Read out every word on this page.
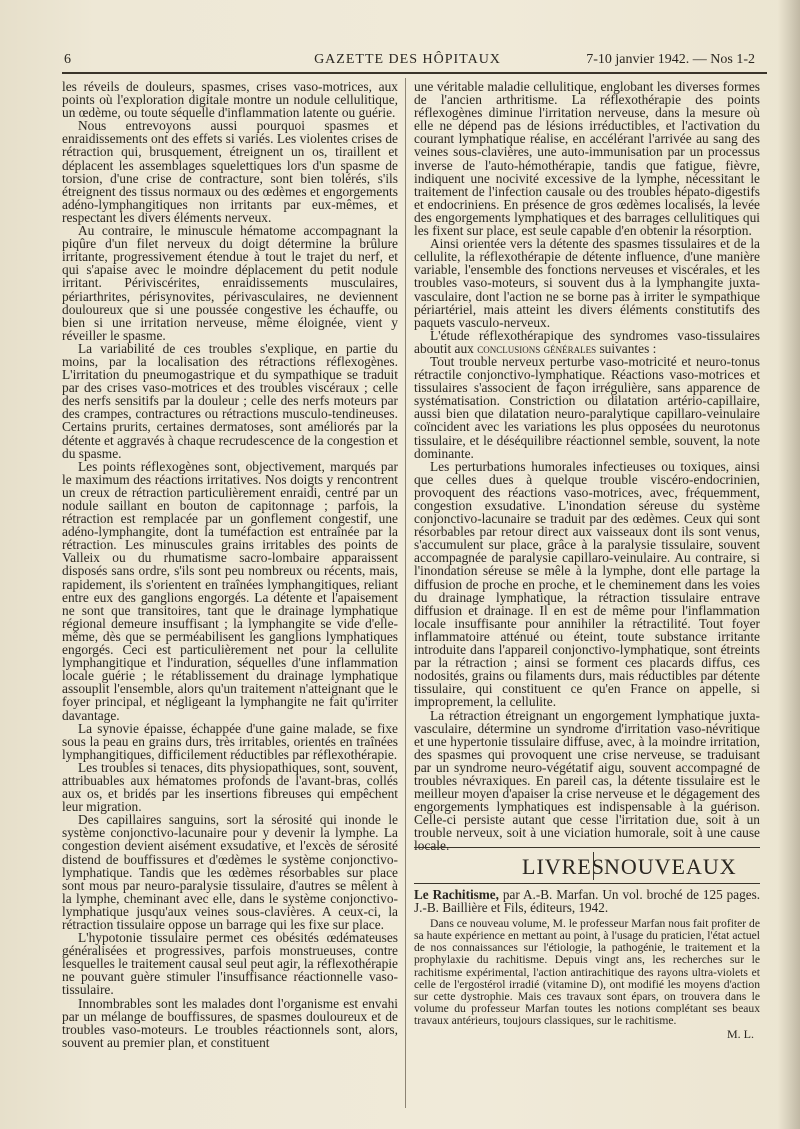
6	GAZETTE DES HÔPITAUX	7-10 janvier 1942. — Nos 1-2

les réveils de douleurs, spasmes, crises vaso-motrices, aux points où l'exploration digitale montre un nodule cellulitique, un œdème, ou toute séquelle d'inflammation latente ou guérie.

Nous entrevoyons aussi pourquoi spasmes et enraidissements ont des effets si variés. Les violentes crises de rétraction qui, brusquement, étreignent un os, tiraillent et déplacent les assemblages squelettiques lors d'un spasme de torsion, d'une crise de contracture, sont bien tolérés, s'ils étreignent des tissus normaux ou des œdèmes et engorgements adéno-lymphangitiques non irritants par eux-mêmes, et respectant les divers éléments nerveux.

Au contraire, le minuscule hématome accompagnant la piqûre d'un filet nerveux du doigt détermine la brûlure irritante, progressivement étendue à tout le trajet du nerf, et qui s'apaise avec le moindre déplacement du petit nodule irritant. Périviscérites, enraidissements musculaires, périarthrites, périsynovites, périvasculaires, ne deviennent douloureux que si une poussée congestive les échauffe, ou bien si une irritation nerveuse, même éloignée, vient y réveiller le spasme.

La variabilité de ces troubles s'explique, en partie du moins, par la localisation des rétractions réflexogènes. L'irritation du pneumogastrique et du sympathique se traduit par des crises vaso-motrices et des troubles viscéraux ; celle des nerfs sensitifs par la douleur ; celle des nerfs moteurs par des crampes, contractures ou rétractions musculo-tendineuses. Certains prurits, certaines dermatoses, sont améliorés par la détente et aggravés à chaque recrudescence de la congestion et du spasme.

Les points réflexogènes sont, objectivement, marqués par le maximum des réactions irritatives. Nos doigts y rencontrent un creux de rétraction particulièrement enraidi, centré par un nodule saillant en bouton de capitonnage ; parfois, la rétraction est remplacée par un gonflement congestif, une adéno-lymphangite, dont la tuméfaction est entraînée par la rétraction. Les minuscules grains irritables des points de Valleix ou du rhumatisme sacro-lombaire apparaissent disposés sans ordre, s'ils sont peu nombreux ou récents, mais, rapidement, ils s'orientent en traînées lymphangitiques, reliant entre eux des ganglions engorgés. La détente et l'apaisement ne sont que transitoires, tant que le drainage lymphatique régional demeure insuffisant ; la lymphangite se vide d'elle-même, dès que se perméabilisent les ganglions lymphatiques engorgés. Ceci est particulièrement net pour la cellulite lymphangitique et l'induration, séquelles d'une inflammation locale guérie ; le rétablissement du drainage lymphatique assouplit l'ensemble, alors qu'un traitement n'atteignant que le foyer principal, et négligeant la lymphangite ne fait qu'irriter davantage.

La synovie épaisse, échappée d'une gaine malade, se fixe sous la peau en grains durs, très irritables, orientés en traînées lymphangitiques, difficilement réductibles par réflexothérapie.

Les troubles si tenaces, dits physiopathiques, sont, souvent, attribuables aux hématomes profonds de l'avant-bras, collés aux os, et bridés par les insertions fibreuses qui empêchent leur migration.

Des capillaires sanguins, sort la sérosité qui inonde le système conjonctivo-lacunaire pour y devenir la lymphe. La congestion devient aisément exsudative, et l'excès de sérosité distend de bouffissures et d'œdèmes le système conjonctivo-lymphatique. Tandis que les œdèmes résorbables sur place sont mous par neuro-paralysie tissulaire, d'autres se mêlent à la lymphe, cheminant avec elle, dans le système conjonctivo-lymphatique jusqu'aux veines sous-clavières. A ceux-ci, la rétraction tissulaire oppose un barrage qui les fixe sur place.

L'hypotonie tissulaire permet ces obésités œdémateuses généralisées et progressives, parfois monstrueuses, contre lesquelles le traitement causal seul peut agir, la réflexothérapie ne pouvant guère stimuler l'insuffisance réactionnelle vaso-tissulaire.

Innombrables sont les malades dont l'organisme est envahi par un mélange de bouffissures, de spasmes douloureux et de troubles vaso-moteurs. Le troubles réactionnels sont, alors, souvent au premier plan, et constituent

une véritable maladie cellulitique, englobant les diverses formes de l'ancien arthritisme. La réflexothérapie des points réflexogènes diminue l'irritation nerveuse, dans la mesure où elle ne dépend pas de lésions irréductibles, et l'activation du courant lymphatique réalise, en accélérant l'arrivée au sang des veines sous-clavières, une auto-immunisation par un processus inverse de l'auto-hémothérapie, tandis que fatigue, fièvre, indiquent une nocivité excessive de la lymphe, nécessitant le traitement de l'infection causale ou des troubles hépato-digestifs et endocriniens. En présence de gros œdèmes localisés, la levée des engorgements lymphatiques et des barrages cellulitiques qui les fixent sur place, est seule capable d'en obtenir la résorption.

Ainsi orientée vers la détente des spasmes tissulaires et de la cellulite, la réflexothérapie de détente influence, d'une manière variable, l'ensemble des fonctions nerveuses et viscérales, et les troubles vaso-moteurs, si souvent dus à la lymphangite juxta-vasculaire, dont l'action ne se borne pas à irriter le sympathique périartériel, mais atteint les divers éléments constitutifs des paquets vasculo-nerveux.

L'étude réflexothérapique des syndromes vaso-tissulaires aboutit aux conclusions générales suivantes :

Tout trouble nerveux perturbe vaso-motricité et neuro-tonus rétractile conjonctivo-lymphatique. Réactions vaso-motrices et tissulaires s'associent de façon irrégulière, sans apparence de systématisation. Constriction ou dilatation artério-capillaire, aussi bien que dilatation neuro-paralytique capillaro-veinulaire coïncident avec les variations les plus opposées du neurotonus tissulaire, et le déséquilibre réactionnel semble, souvent, la note dominante.

Les perturbations humorales infectieuses ou toxiques, ainsi que celles dues à quelque trouble viscéro-endocrinien, provoquent des réactions vaso-motrices, avec, fréquemment, congestion exsudative. L'inondation séreuse du système conjonctivo-lacunaire se traduit par des œdèmes. Ceux qui sont résorbables par retour direct aux vaisseaux dont ils sont venus, s'accumulent sur place, grâce à la paralysie tissulaire, souvent accompagnée de paralysie capillaro-veinulaire. Au contraire, si l'inondation séreuse se mêle à la lymphe, dont elle partage la diffusion de proche en proche, et le cheminement dans les voies du drainage lymphatique, la rétraction tissulaire entrave diffusion et drainage. Il en est de même pour l'inflammation locale insuffisante pour annihiler la rétractilité. Tout foyer inflammatoire atténué ou éteint, toute substance irritante introduite dans l'appareil conjonctivo-lymphatique, sont étreints par la rétraction ; ainsi se forment ces placards diffus, ces nodosités, grains ou filaments durs, mais réductibles par détente tissulaire, qui constituent ce qu'en France on appelle, si improprement, la cellulite.

La rétraction étreignant un engorgement lymphatique juxta-vasculaire, détermine un syndrome d'irritation vaso-névritique et une hypertonie tissulaire diffuse, avec, à la moindre irritation, des spasmes qui provoquent une crise nerveuse, se traduisant par un syndrome neuro-végétatif aigu, souvent accompagné de troubles névraxiques. En pareil cas, la détente tissulaire est le meilleur moyen d'apaiser la crise nerveuse et le dégagement des engorgements lymphatiques est indispensable à la guérison. Celle-ci persiste autant que cesse l'irritation due, soit à un trouble nerveux, soit à une viciation humorale, soit à une cause locale.

LIVRES NOUVEAUX

Le Rachitisme, par A.-B. Marfan. Un vol. broché de 125 pages. J.-B. Baillière et Fils, éditeurs, 1942.

Dans ce nouveau volume, M. le professeur Marfan nous fait profiter de sa haute expérience en mettant au point, à l'usage du praticien, l'état actuel de nos connaissances sur l'étiologie, la pathogénie, le traitement et la prophylaxie du rachitisme. Depuis vingt ans, les recherches sur le rachitisme expérimental, l'action antirachitique des rayons ultra-violets et celle de l'ergostérol irradié (vitamine D), ont modifié les moyens d'action sur cette dystrophie. Mais ces travaux sont épars, on trouvera dans le volume du professeur Marfan toutes les notions complétant ses beaux travaux antérieurs, toujours classiques, sur le rachitisme.

M. L.
